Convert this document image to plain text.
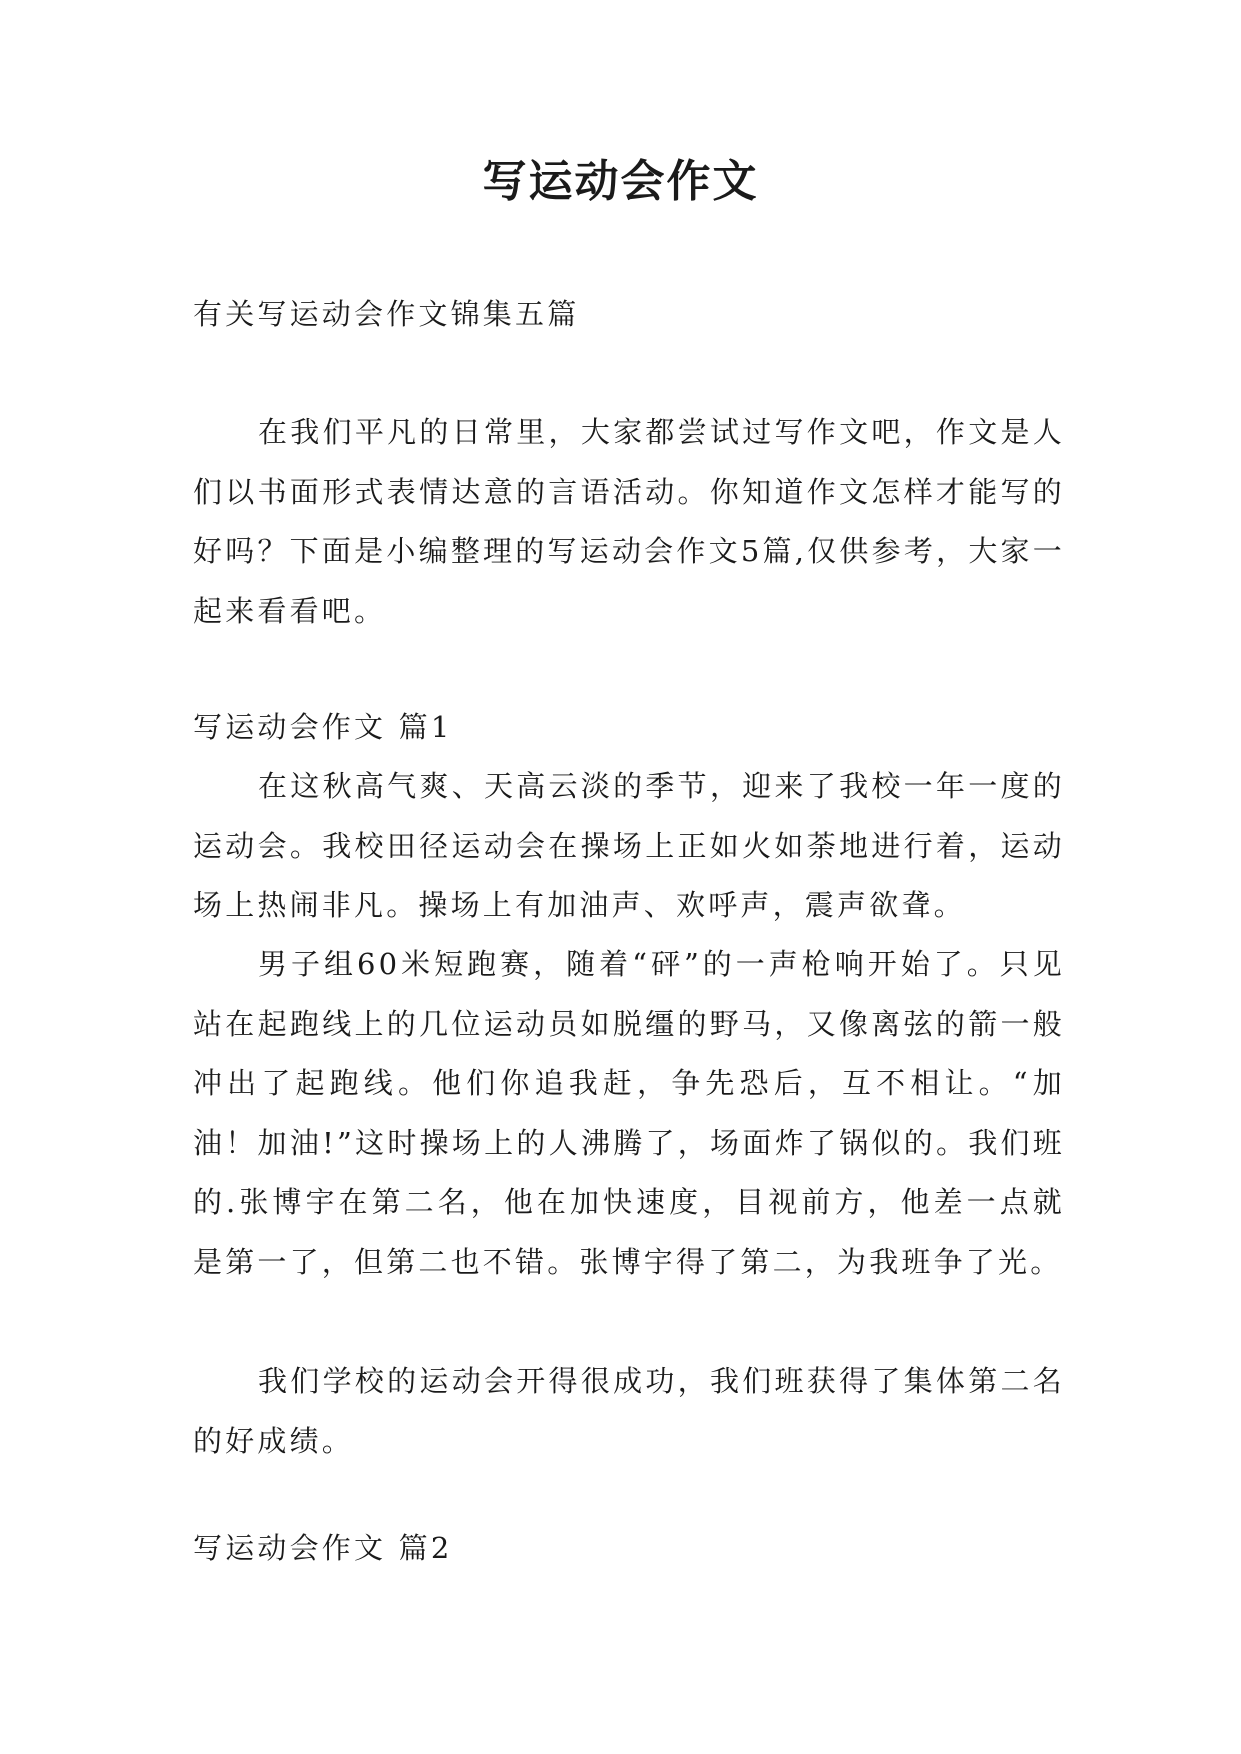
写运动会作文

有关写运动会作文锦集五篇

在我们平凡的日常里，大家都尝试过写作文吧，作文是人们以书面形式表情达意的言语活动。你知道作文怎样才能写的好吗？下面是小编整理的写运动会作文5篇,仅供参考，大家一起来看看吧。

写运动会作文 篇1

在这秋高气爽、天高云淡的季节，迎来了我校一年一度的运动会。我校田径运动会在操场上正如火如荼地进行着，运动场上热闹非凡。操场上有加油声、欢呼声，震声欲聋。

男子组60米短跑赛，随着“砰”的一声枪响开始了。只见站在起跑线上的几位运动员如脱缰的野马，又像离弦的箭一般冲出了起跑线。他们你追我赶，争先恐后，互不相让。“加油！加油!”这时操场上的人沸腾了，场面炸了锅似的。我们班的.张博宇在第二名，他在加快速度，目视前方，他差一点就是第一了，但第二也不错。张博宇得了第二，为我班争了光。

我们学校的运动会开得很成功，我们班获得了集体第二名的好成绩。

写运动会作文 篇2
